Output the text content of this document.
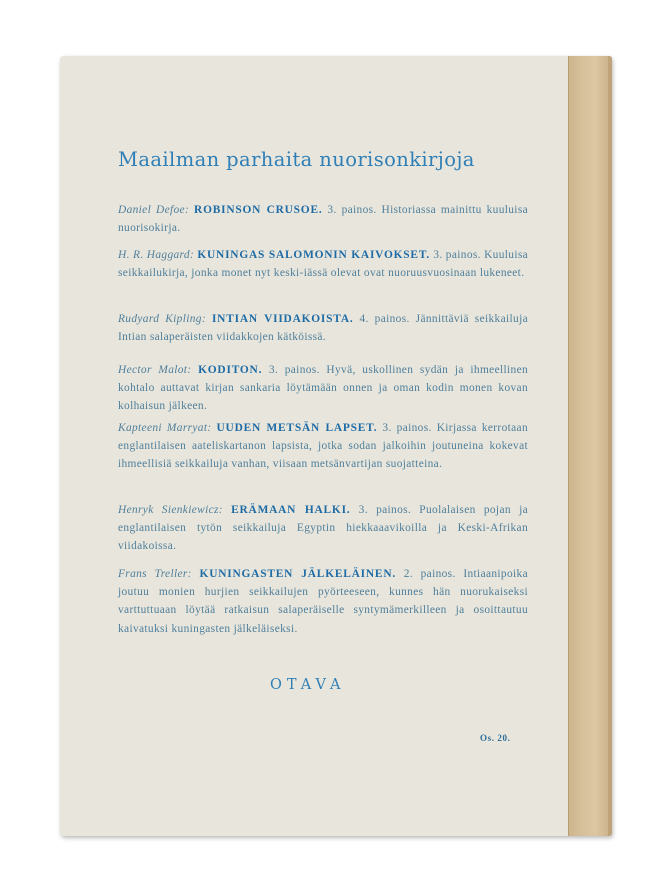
Maailman parhaita nuorisonkirjoja
Daniel Defoe: ROBINSON CRUSOE. 3. painos. Historiassa mainittu kuuluisa nuorisokirja.
H. R. Haggard: KUNINGAS SALOMONIN KAIVOKSET. 3. painos. Kuuluisa seikkailukirja, jonka monet nyt keski-iässä olevat ovat nuoruusvuosinaan lukeneet.
Rudyard Kipling: INTIAN VIIDAKOISTA. 4. painos. Jännittäviä seikkailuja Intian salaperäisten viidakkojen kätköissä.
Hector Malot: KODITON. 3. painos. Hyvä, uskollinen sydän ja ihmeellinen kohtalo auttavat kirjan sankaria löytämään onnen ja oman kodin monen kovan kolhaisun jälkeen.
Kapteeni Marryat: UUDEN METSÄN LAPSET. 3. painos. Kirjassa kerrotaan englantilaisen aateliskartanon lapsista, jotka sodan jalkoihin joutuneina kokevat ihmeellisiä seikkailuja vanhan, viisaan metsänvartijan suojatteina.
Henryk Sienkiewicz: ERÄMAAN HALKI. 3. painos. Puolalaisen pojan ja englantilaisen tytön seikkailuja Egyptin hiekkaaavikoilla ja Keski-Afrikan viidakoissa.
Frans Treller: KUNINGASTEN JÄLKELÄINEN. 2. painos. Intiaanipoika joutuu monien hurjien seikkailujen pyörteeseen, kunnes hän nuorukaiseksi varttuttuaan löytää ratkaisun salaperäiselle syntymämerkilleen ja osoittautuu kaivatuksi kuningasten jälkeläiseksi.
OTAVA
Os. 20.
